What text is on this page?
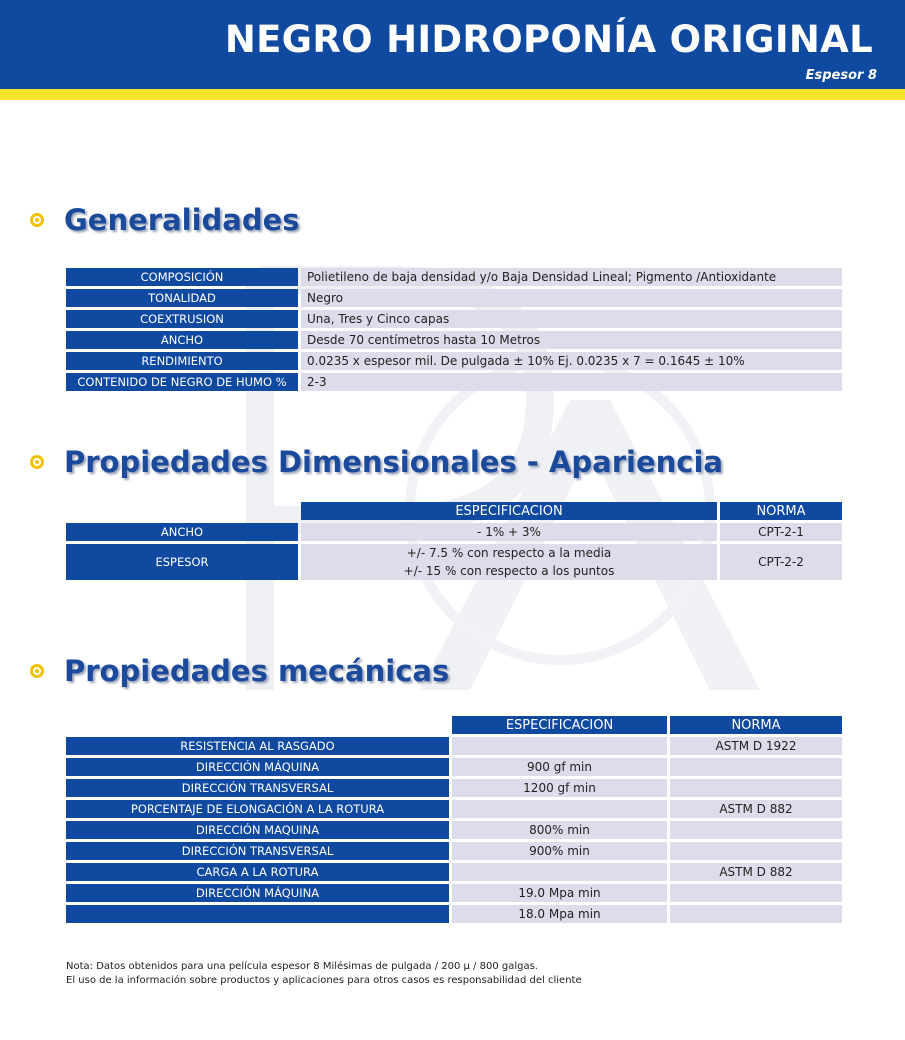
NEGRO HIDROPONÍA ORIGINAL
Espesor 8
Generalidades
COMPOSICIÓN	Polietileno de baja densidad y/o Baja Densidad Lineal; Pigmento /Antioxidante
TONALIDAD	Negro
COEXTRUSION	Una, Tres y Cinco capas
ANCHO	Desde 70 centímetros hasta 10 Metros
RENDIMIENTO	0.0235 x espesor mil. De pulgada ± 10% Ej. 0.0235 x 7 = 0.1645 ± 10%
CONTENIDO DE NEGRO DE HUMO %	2-3
Propiedades Dimensionales - Apariencia
	ESPECIFICACION	NORMA
ANCHO	- 1% + 3%	CPT-2-1
ESPESOR	+/- 7.5 % con respecto a la media
+/- 15 % con respecto a los puntos	CPT-2-2
Propiedades mecánicas
	ESPECIFICACION	NORMA
RESISTENCIA AL RASGADO		ASTM D 1922
DIRECCIÓN MÁQUINA	900 gf min	
DIRECCIÓN TRANSVERSAL	1200 gf min	
PORCENTAJE DE ELONGACIÓN A LA ROTURA		ASTM D 882
DIRECCIÓN MAQUINA	800% min	
DIRECCIÓN TRANSVERSAL	900% min	
CARGA A LA ROTURA		ASTM D 882
DIRECCIÓN MÁQUINA	19.0 Mpa min	
	18.0 Mpa min	
Nota: Datos obtenidos para una película espesor 8 Milésimas de pulgada / 200 µ / 800 galgas.
El uso de la información sobre productos y aplicaciones para otros casos es responsabilidad del cliente
